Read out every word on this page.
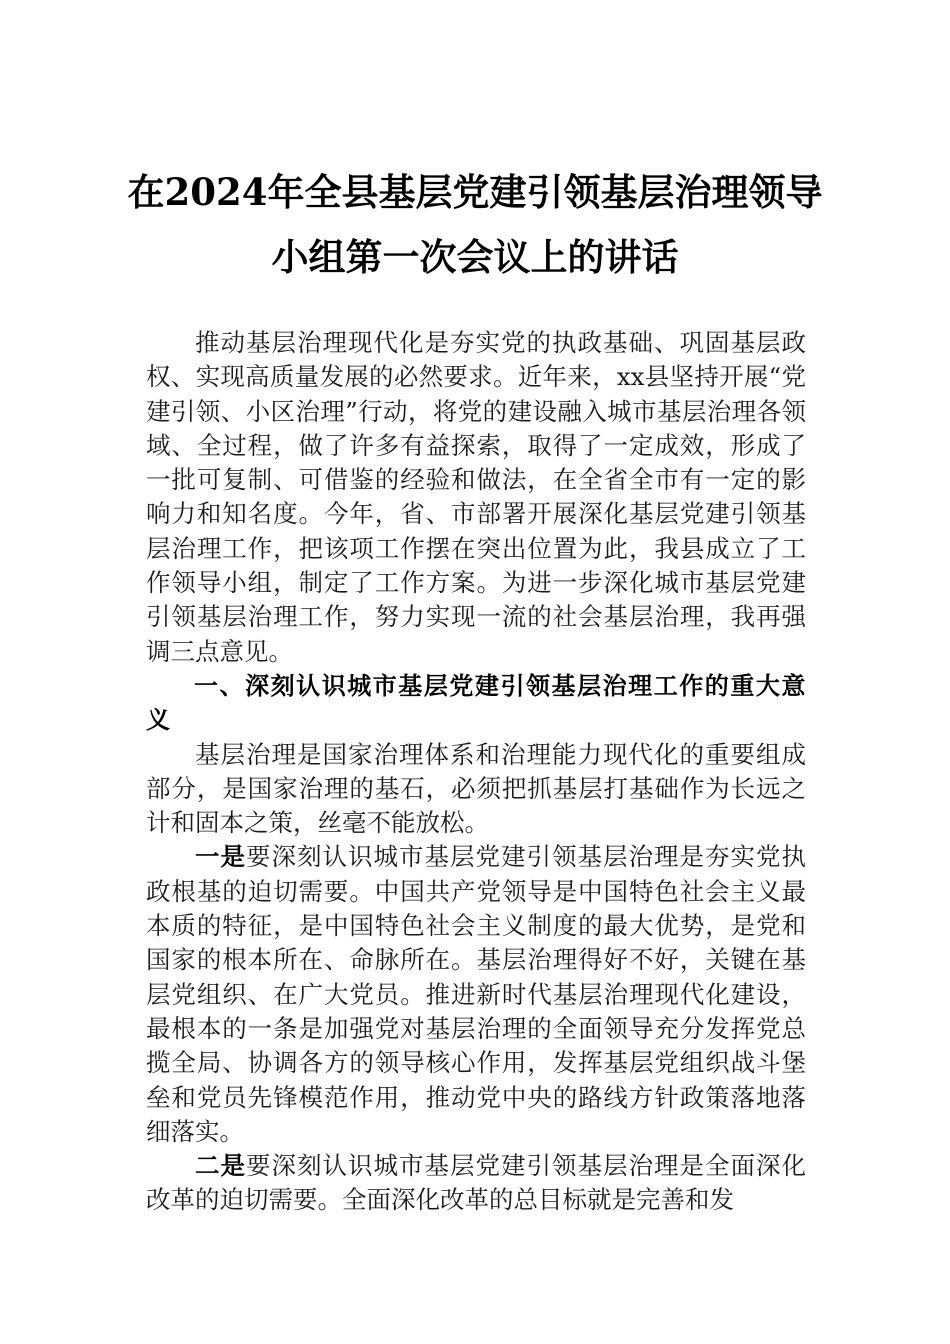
在2024年全县基层党建引领基层治理领导
小组第一次会议上的讲话

推动基层治理现代化是夯实党的执政基础、巩固基层政权、实现高质量发展的必然要求。近年来，xx县坚持开展“党建引领、小区治理”行动，将党的建设融入城市基层治理各领域、全过程，做了许多有益探索，取得了一定成效，形成了一批可复制、可借鉴的经验和做法，在全省全市有一定的影响力和知名度。今年，省、市部署开展深化基层党建引领基层治理工作，把该项工作摆在突出位置为此，我县成立了工作领导小组，制定了工作方案。为进一步深化城市基层党建引领基层治理工作，努力实现一流的社会基层治理，我再强调三点意见。

一、深刻认识城市基层党建引领基层治理工作的重大意义

基层治理是国家治理体系和治理能力现代化的重要组成部分，是国家治理的基石，必须把抓基层打基础作为长远之计和固本之策，丝毫不能放松。

一是要深刻认识城市基层党建引领基层治理是夯实党执政根基的迫切需要。中国共产党领导是中国特色社会主义最本质的特征，是中国特色社会主义制度的最大优势，是党和国家的根本所在、命脉所在。基层治理得好不好，关键在基层党组织、在广大党员。推进新时代基层治理现代化建设，最根本的一条是加强党对基层治理的全面领导充分发挥党总揽全局、协调各方的领导核心作用，发挥基层党组织战斗堡垒和党员先锋模范作用，推动党中央的路线方针政策落地落细落实。

二是要深刻认识城市基层党建引领基层治理是全面深化改革的迫切需要。全面深化改革的总目标就是完善和发
